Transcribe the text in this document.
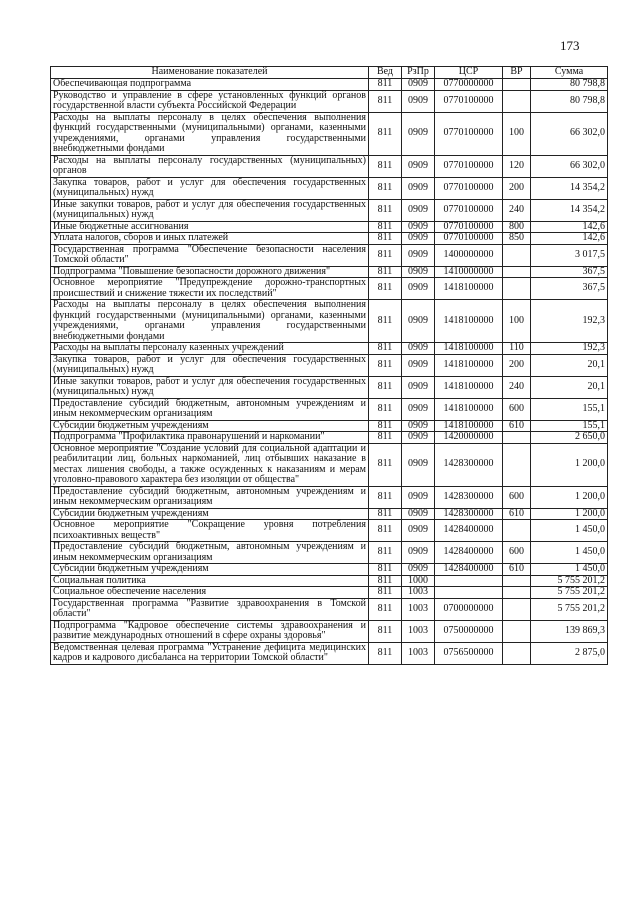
173
Наименование показателей	Вед	РзПр	ЦСР	ВР	Сумма
Обеспечивающая подпрограмма	811	0909	0770000000		80 798,8
Руководство и управление в сфере установленных функций органов государственной власти субъекта Российской Федерации	811	0909	0770100000		80 798,8
Расходы на выплаты персоналу в целях обеспечения выполнения функций государственными (муниципальными) органами, казенными учреждениями, органами управления государственными внебюджетными фондами	811	0909	0770100000	100	66 302,0
Расходы на выплаты персоналу государственных (муниципальных) органов	811	0909	0770100000	120	66 302,0
Закупка товаров, работ и услуг для обеспечения государственных (муниципальных) нужд	811	0909	0770100000	200	14 354,2
Иные закупки товаров, работ и услуг для обеспечения государственных (муниципальных) нужд	811	0909	0770100000	240	14 354,2
Иные бюджетные ассигнования	811	0909	0770100000	800	142,6
Уплата налогов, сборов и иных платежей	811	0909	0770100000	850	142,6
Государственная программа "Обеспечение безопасности населения Томской области"	811	0909	1400000000		3 017,5
Подпрограмма "Повышение безопасности дорожного движения"	811	0909	1410000000		367,5
Основное мероприятие "Предупреждение дорожно-транспортных происшествий и снижение тяжести их последствий"	811	0909	1418100000		367,5
Расходы на выплаты персоналу в целях обеспечения выполнения функций государственными (муниципальными) органами, казенными учреждениями, органами управления государственными внебюджетными фондами	811	0909	1418100000	100	192,3
Расходы на выплаты персоналу казенных учреждений	811	0909	1418100000	110	192,3
Закупка товаров, работ и услуг для обеспечения государственных (муниципальных) нужд	811	0909	1418100000	200	20,1
Иные закупки товаров, работ и услуг для обеспечения государственных (муниципальных) нужд	811	0909	1418100000	240	20,1
Предоставление субсидий бюджетным, автономным учреждениям и иным некоммерческим организациям	811	0909	1418100000	600	155,1
Субсидии бюджетным учреждениям	811	0909	1418100000	610	155,1
Подпрограмма "Профилактика правонарушений и наркомании"	811	0909	1420000000		2 650,0
Основное мероприятие "Создание условий для социальной адаптации и реабилитации лиц, больных наркоманией, лиц отбывших наказание в местах лишения свободы, а также осужденных к наказаниям и мерам уголовно-правового характера без изоляции от общества"	811	0909	1428300000		1 200,0
Предоставление субсидий бюджетным, автономным учреждениям и иным некоммерческим организациям	811	0909	1428300000	600	1 200,0
Субсидии бюджетным учреждениям	811	0909	1428300000	610	1 200,0
Основное мероприятие "Сокращение уровня потребления психоактивных веществ"	811	0909	1428400000		1 450,0
Предоставление субсидий бюджетным, автономным учреждениям и иным некоммерческим организациям	811	0909	1428400000	600	1 450,0
Субсидии бюджетным учреждениям	811	0909	1428400000	610	1 450,0
Социальная политика	811	1000			5 755 201,2
Социальное обеспечение населения	811	1003			5 755 201,2
Государственная программа "Развитие здравоохранения в Томской области"	811	1003	0700000000		5 755 201,2
Подпрограмма "Кадровое обеспечение системы здравоохранения и развитие международных отношений в сфере охраны здоровья"	811	1003	0750000000		139 869,3
Ведомственная целевая программа "Устранение дефицита медицинских кадров и кадрового дисбаланса на территории Томской области"	811	1003	0756500000		2 875,0
